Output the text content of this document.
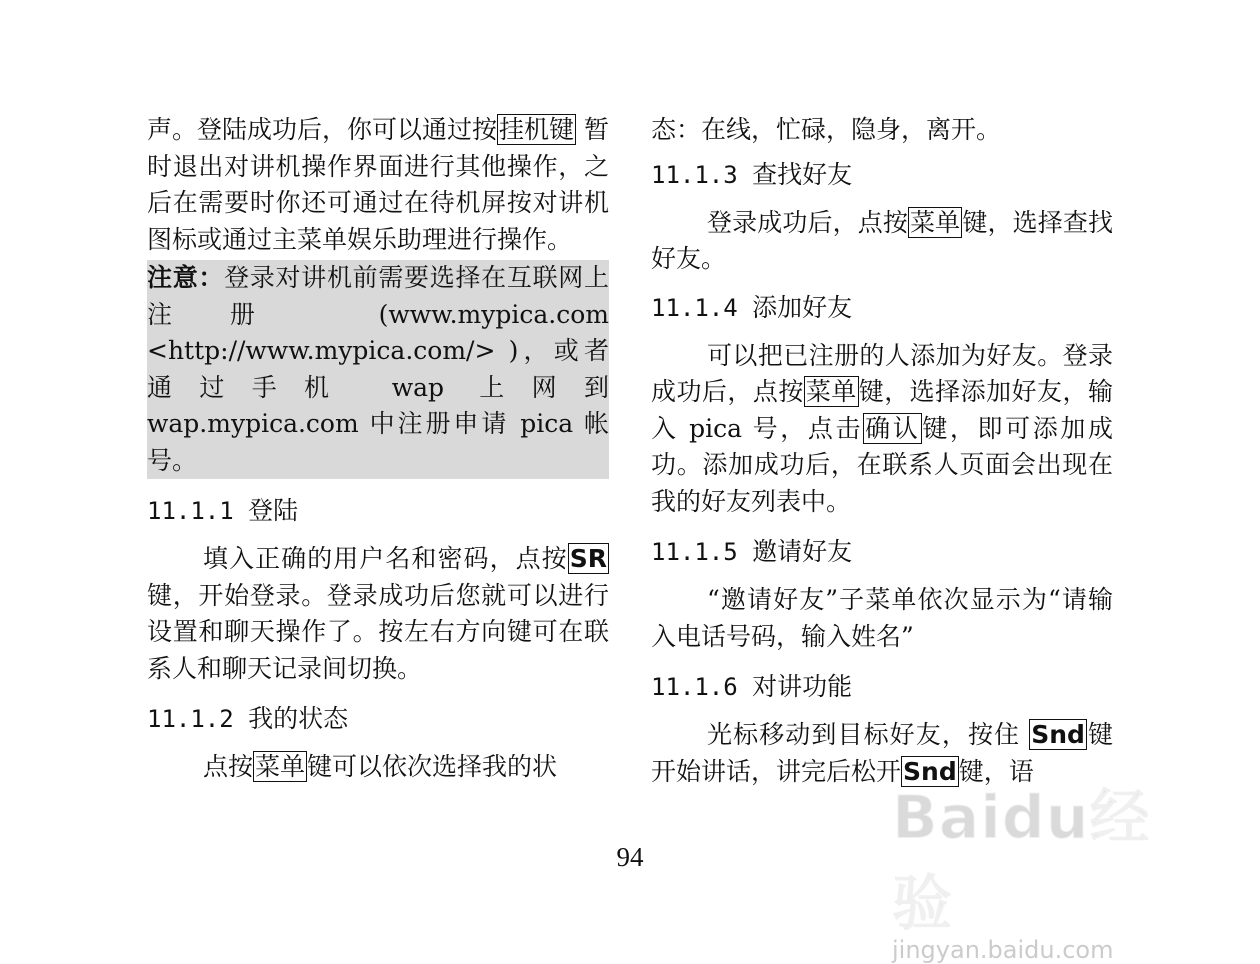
声。登陆成功后，你可以通过按挂机键 暂时退出对讲机操作界面进行其他操作，之后在需要时你还可通过在待机屏按对讲机图标或通过主菜单娱乐助理进行操作。

注意：登录对讲机前需要选择在互联网上注册 (www.mypica.com <http://www.mypica.com/> )，或者通过手机 wap 上网到 wap.mypica.com 中注册申请 pica 帐号。

11.1.1 登陆

填入正确的用户名和密码，点按SR键，开始登录。登录成功后您就可以进行设置和聊天操作了。按左右方向键可在联系人和聊天记录间切换。

11.1.2 我的状态

点按菜单键可以依次选择我的状

态：在线，忙碌，隐身，离开。

11.1.3 查找好友

登录成功后，点按菜单键，选择查找好友。

11.1.4 添加好友

可以把已注册的人添加为好友。登录成功后，点按菜单键，选择添加好友，输入 pica 号，点击确认键，即可添加成功。添加成功后，在联系人页面会出现在我的好友列表中。

11.1.5 邀请好友

“邀请好友”子菜单依次显示为“请输入电话号码，输入姓名”

11.1.6 对讲功能

光标移动到目标好友，按住 Snd键开始讲话，讲完后松开Snd键，语

94
Baidu经验
jingyan.baidu.com
